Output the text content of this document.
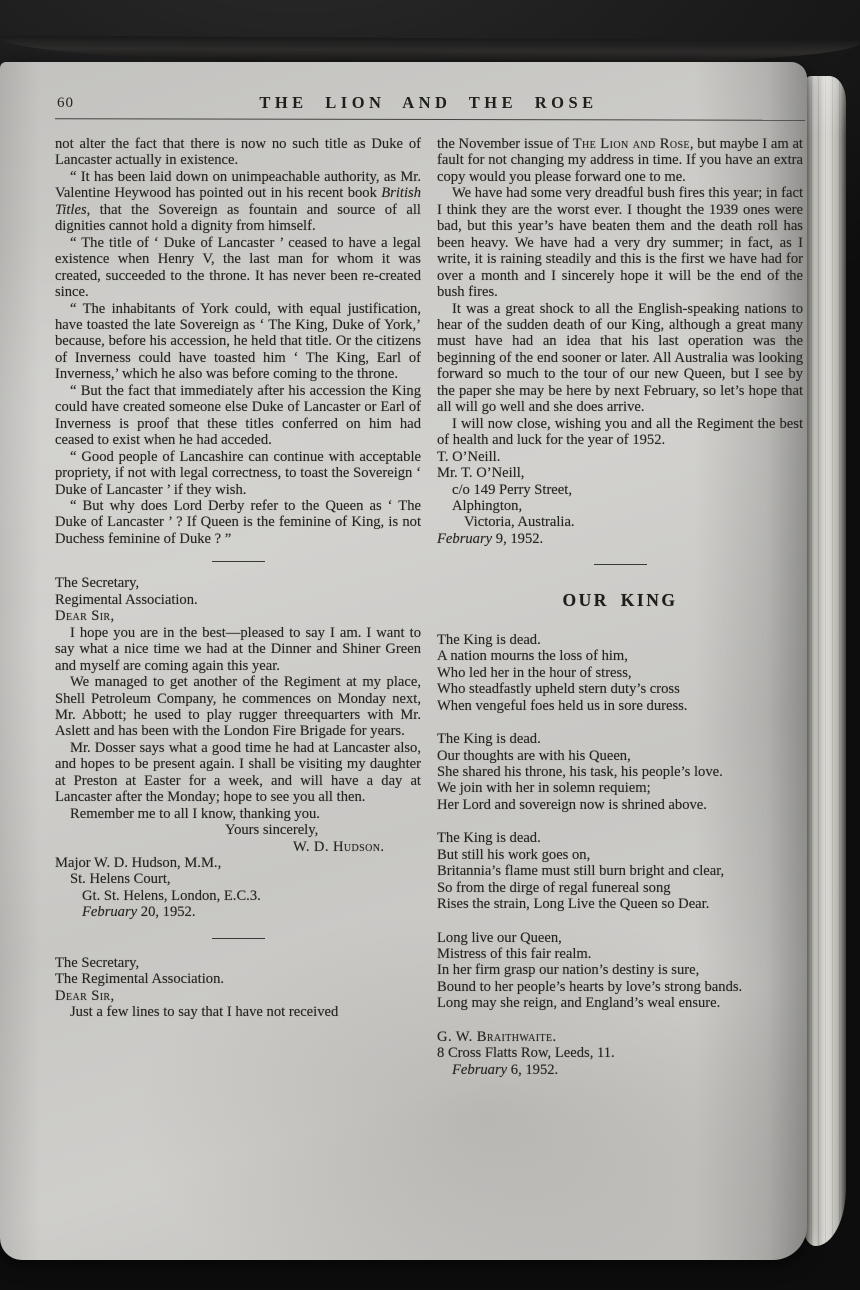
60	THE LION AND THE ROSE

not alter the fact that there is now no such title as Duke of Lancaster actually in existence.

“ It has been laid down on unimpeachable authority, as Mr. Valentine Heywood has pointed out in his recent book British Titles, that the Sovereign as fountain and source of all dignities cannot hold a dignity from himself.

“ The title of ‘ Duke of Lancaster ’ ceased to have a legal existence when Henry V, the last man for whom it was created, succeeded to the throne. It has never been re-created since.

“ The inhabitants of York could, with equal justification, have toasted the late Sovereign as ‘ The King, Duke of York,’ because, before his accession, he held that title. Or the citizens of Inverness could have toasted him ‘ The King, Earl of Inverness,’ which he also was before coming to the throne.

“ But the fact that immediately after his accession the King could have created someone else Duke of Lancaster or Earl of Inverness is proof that these titles conferred on him had ceased to exist when he had acceded.

“ Good people of Lancashire can continue with acceptable propriety, if not with legal correctness, to toast the Sovereign ‘ Duke of Lancaster ’ if they wish.

“ But why does Lord Derby refer to the Queen as ‘ The Duke of Lancaster ’ ? If Queen is the feminine of King, is not Duchess feminine of Duke ? ”

The Secretary,

Regimental Association.

Dear Sir,

I hope you are in the best—pleased to say I am. I want to say what a nice time we had at the Dinner and Shiner Green and myself are coming again this year.

We managed to get another of the Regiment at my place, Shell Petroleum Company, he commences on Monday next, Mr. Abbott; he used to play rugger threequarters with Mr. Aslett and has been with the London Fire Brigade for years.

Mr. Dosser says what a good time he had at Lancaster also, and hopes to be present again. I shall be visiting my daughter at Preston at Easter for a week, and will have a day at Lancaster after the Monday; hope to see you all then.

Remember me to all I know, thanking you.

Yours sincerely,

W. D. Hudson.

Major W. D. Hudson, M.M.,

St. Helens Court,

Gt. St. Helens, London, E.C.3.

February 20, 1952.

The Secretary,

The Regimental Association.

Dear Sir,

Just a few lines to say that I have not received

the November issue of The Lion and Rose, but maybe I am at fault for not changing my address in time. If you have an extra copy would you please forward one to me.

We have had some very dreadful bush fires this year; in fact I think they are the worst ever. I thought the 1939 ones were bad, but this year’s have beaten them and the death roll has been heavy. We have had a very dry summer; in fact, as I write, it is raining steadily and this is the first we have had for over a month and I sincerely hope it will be the end of the bush fires.

It was a great shock to all the English-speaking nations to hear of the sudden death of our King, although a great many must have had an idea that his last operation was the beginning of the end sooner or later. All Australia was looking forward so much to the tour of our new Queen, but I see by the paper she may be here by next February, so let’s hope that all will go well and she does arrive.

I will now close, wishing you and all the Regiment the best of health and luck for the year of 1952.

T. O’Neill.

Mr. T. O’Neill,

c/o 149 Perry Street,

Alphington,

Victoria, Australia.

February 9, 1952.

OUR KING
The King is dead.
A nation mourns the loss of him,
Who led her in the hour of stress,
Who steadfastly upheld stern duty’s cross
When vengeful foes held us in sore duress.
The King is dead.
Our thoughts are with his Queen,
She shared his throne, his task, his people’s love.
We join with her in solemn requiem;
Her Lord and sovereign now is shrined above.
The King is dead.
But still his work goes on,
Britannia’s flame must still burn bright and clear,
So from the dirge of regal funereal song
Rises the strain, Long Live the Queen so Dear.
Long live our Queen,
Mistress of this fair realm.
In her firm grasp our nation’s destiny is sure,
Bound to her people’s hearts by love’s strong bands.
Long may she reign, and England’s weal ensure.

G. W. Braithwaite.

8 Cross Flatts Row, Leeds, 11.

February 6, 1952.
